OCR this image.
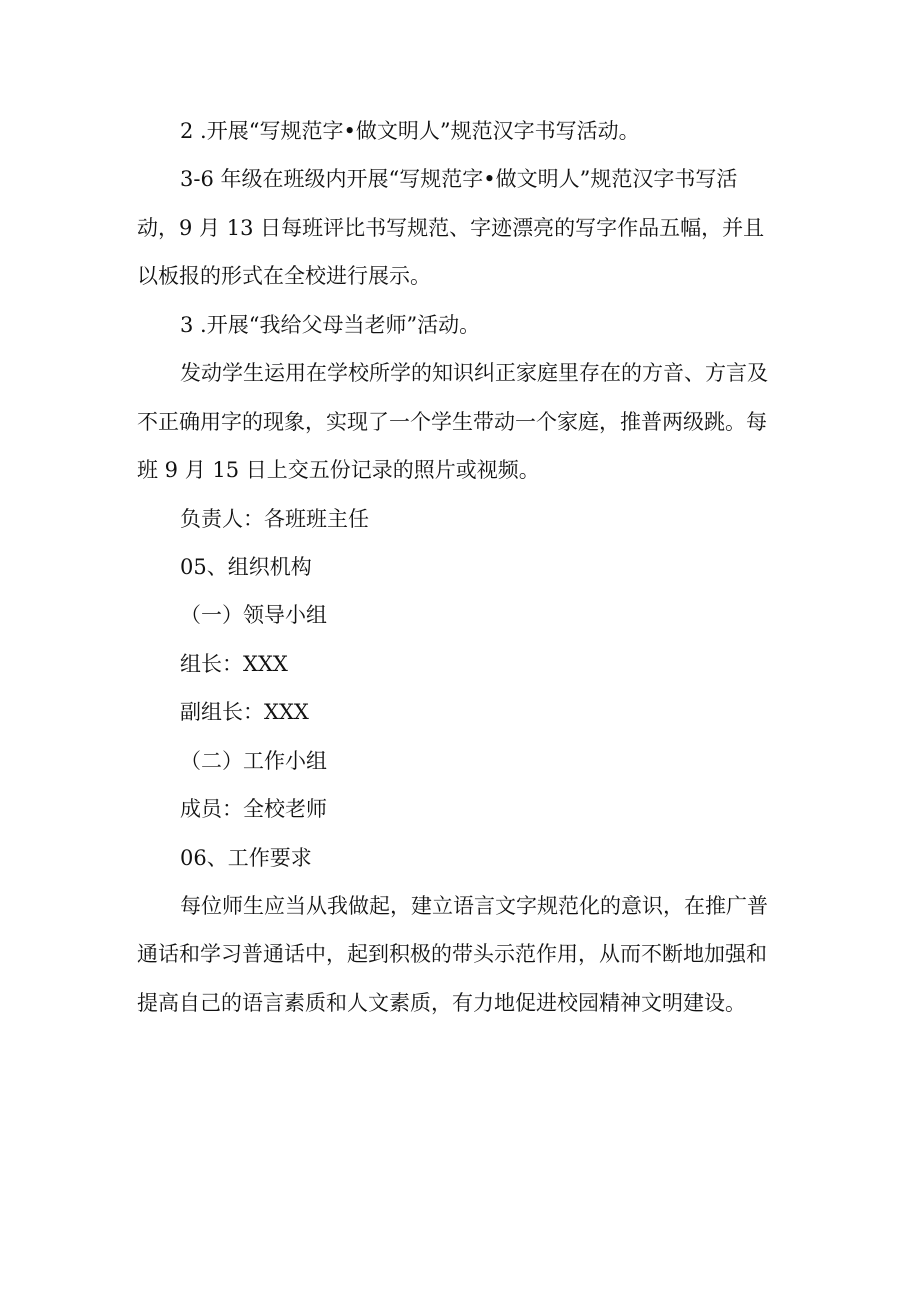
2 .开展“写规范字•做文明人”规范汉字书写活动。
3-6 年级在班级内开展“写规范字•做文明人”规范汉字书写活
动，9 月 13 日每班评比书写规范、字迹漂亮的写字作品五幅，并且
以板报的形式在全校进行展示。
3 .开展“我给父母当老师”活动。
发动学生运用在学校所学的知识纠正家庭里存在的方音、方言及
不正确用字的现象，实现了一个学生带动一个家庭，推普两级跳。每
班 9 月 15 日上交五份记录的照片或视频。
负责人：各班班主任
05、组织机构
（一）领导小组
组长：XXX
副组长：XXX
（二）工作小组
成员：全校老师
06、工作要求
每位师生应当从我做起，建立语言文字规范化的意识，在推广普
通话和学习普通话中，起到积极的带头示范作用，从而不断地加强和
提高自己的语言素质和人文素质，有力地促进校园精神文明建设。
